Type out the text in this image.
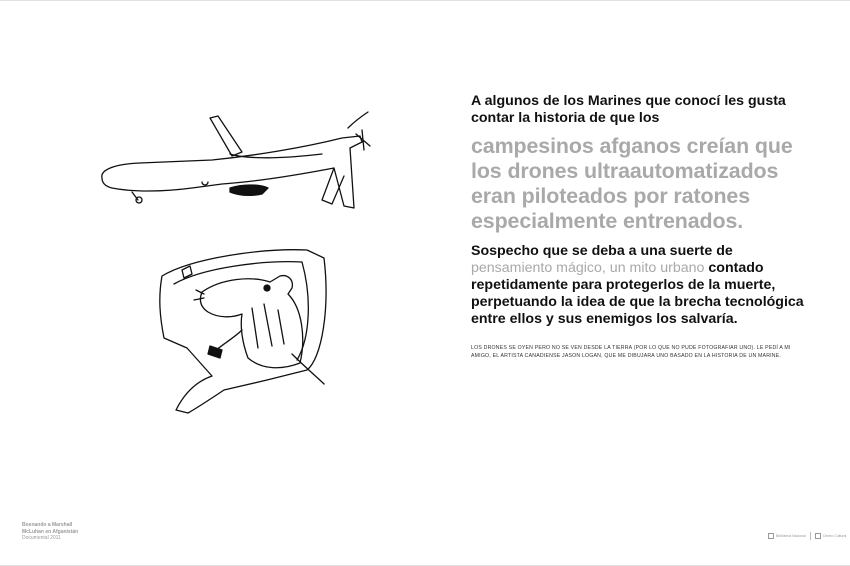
A algunos de los Marines que conocí les gusta contar la historia de que los

campesinos afganos creían que los drones ultraautomatizados eran piloteados por ratones especialmente entrenados.

Sospecho que se deba a una suerte de pensamiento mágico, un mito urbano contado repetidamente para protegerlos de la muerte, perpetuando la idea de que la brecha tecnológica entre ellos y sus enemigos los salvaría.

LOS DRONES SE OYEN PERO NO SE VEN DESDE LA TIERRA (POR LO QUE NO PUDE FOTOGRAFIAR UNO). LE PEDÍ A MI AMIGO, EL ARTISTA CANADIENSE JASON LOGAN, QUE ME DIBUJARA UNO BASADO EN LA HISTORIA DE UN MARINE.

Bosnando a Marshall
McLuhan en Afganistán
Documental 2011	Biblioteca Nacional	Centro Cultural
